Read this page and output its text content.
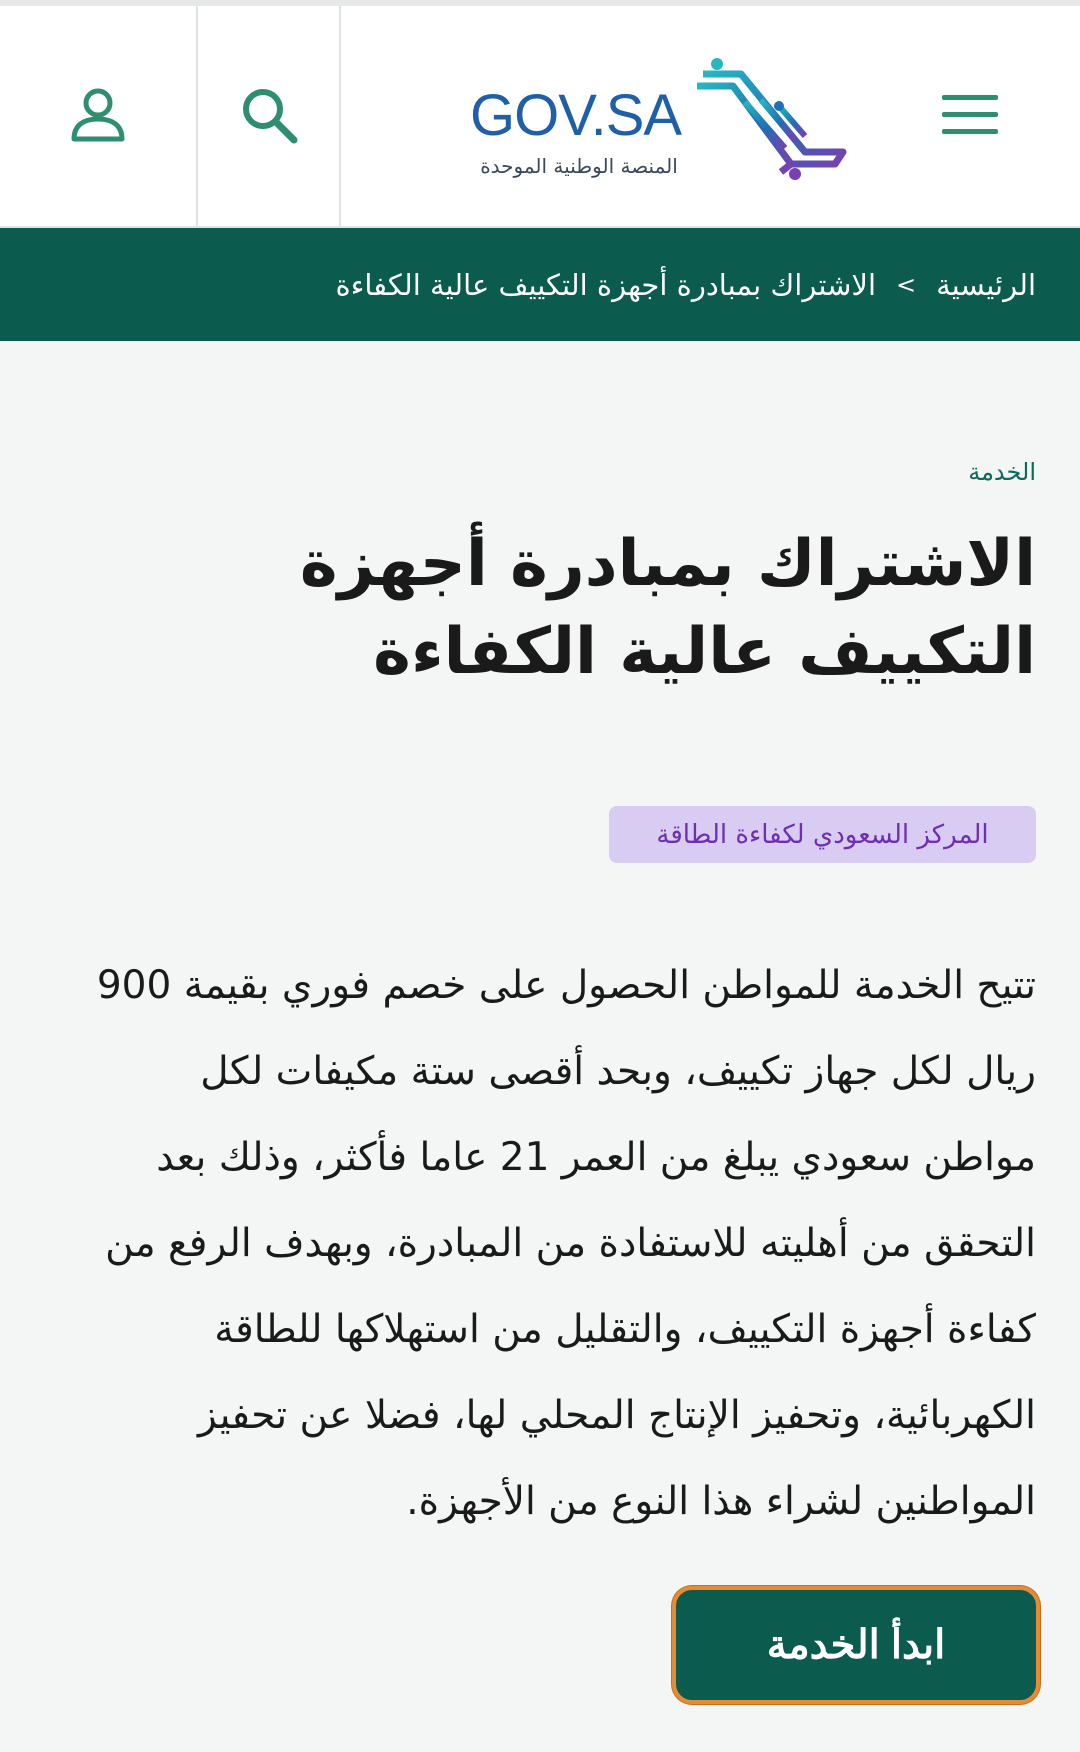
GOV.SA
المنصة الوطنية الموحدة
الرئيسية
>
الاشتراك بمبادرة أجهزة التكييف عالية الكفاءة
الخدمة
الاشتراك بمبادرة أجهزة التكييف عالية الكفاءة
المركز السعودي لكفاءة الطاقة

تتيح الخدمة للمواطن الحصول على خصم فوري بقيمة 900 ريال لكل جهاز تكييف، وبحد أقصى ستة مكيفات لكل مواطن سعودي يبلغ من العمر 21 عاما فأكثر، وذلك بعد التحقق من أهليته للاستفادة من المبادرة، وبهدف الرفع من كفاءة أجهزة التكييف، والتقليل من استهلاكها للطاقة الكهربائية، وتحفيز الإنتاج المحلي لها، فضلا عن تحفيز المواطنين لشراء هذا النوع من الأجهزة.

ابدأ الخدمة
